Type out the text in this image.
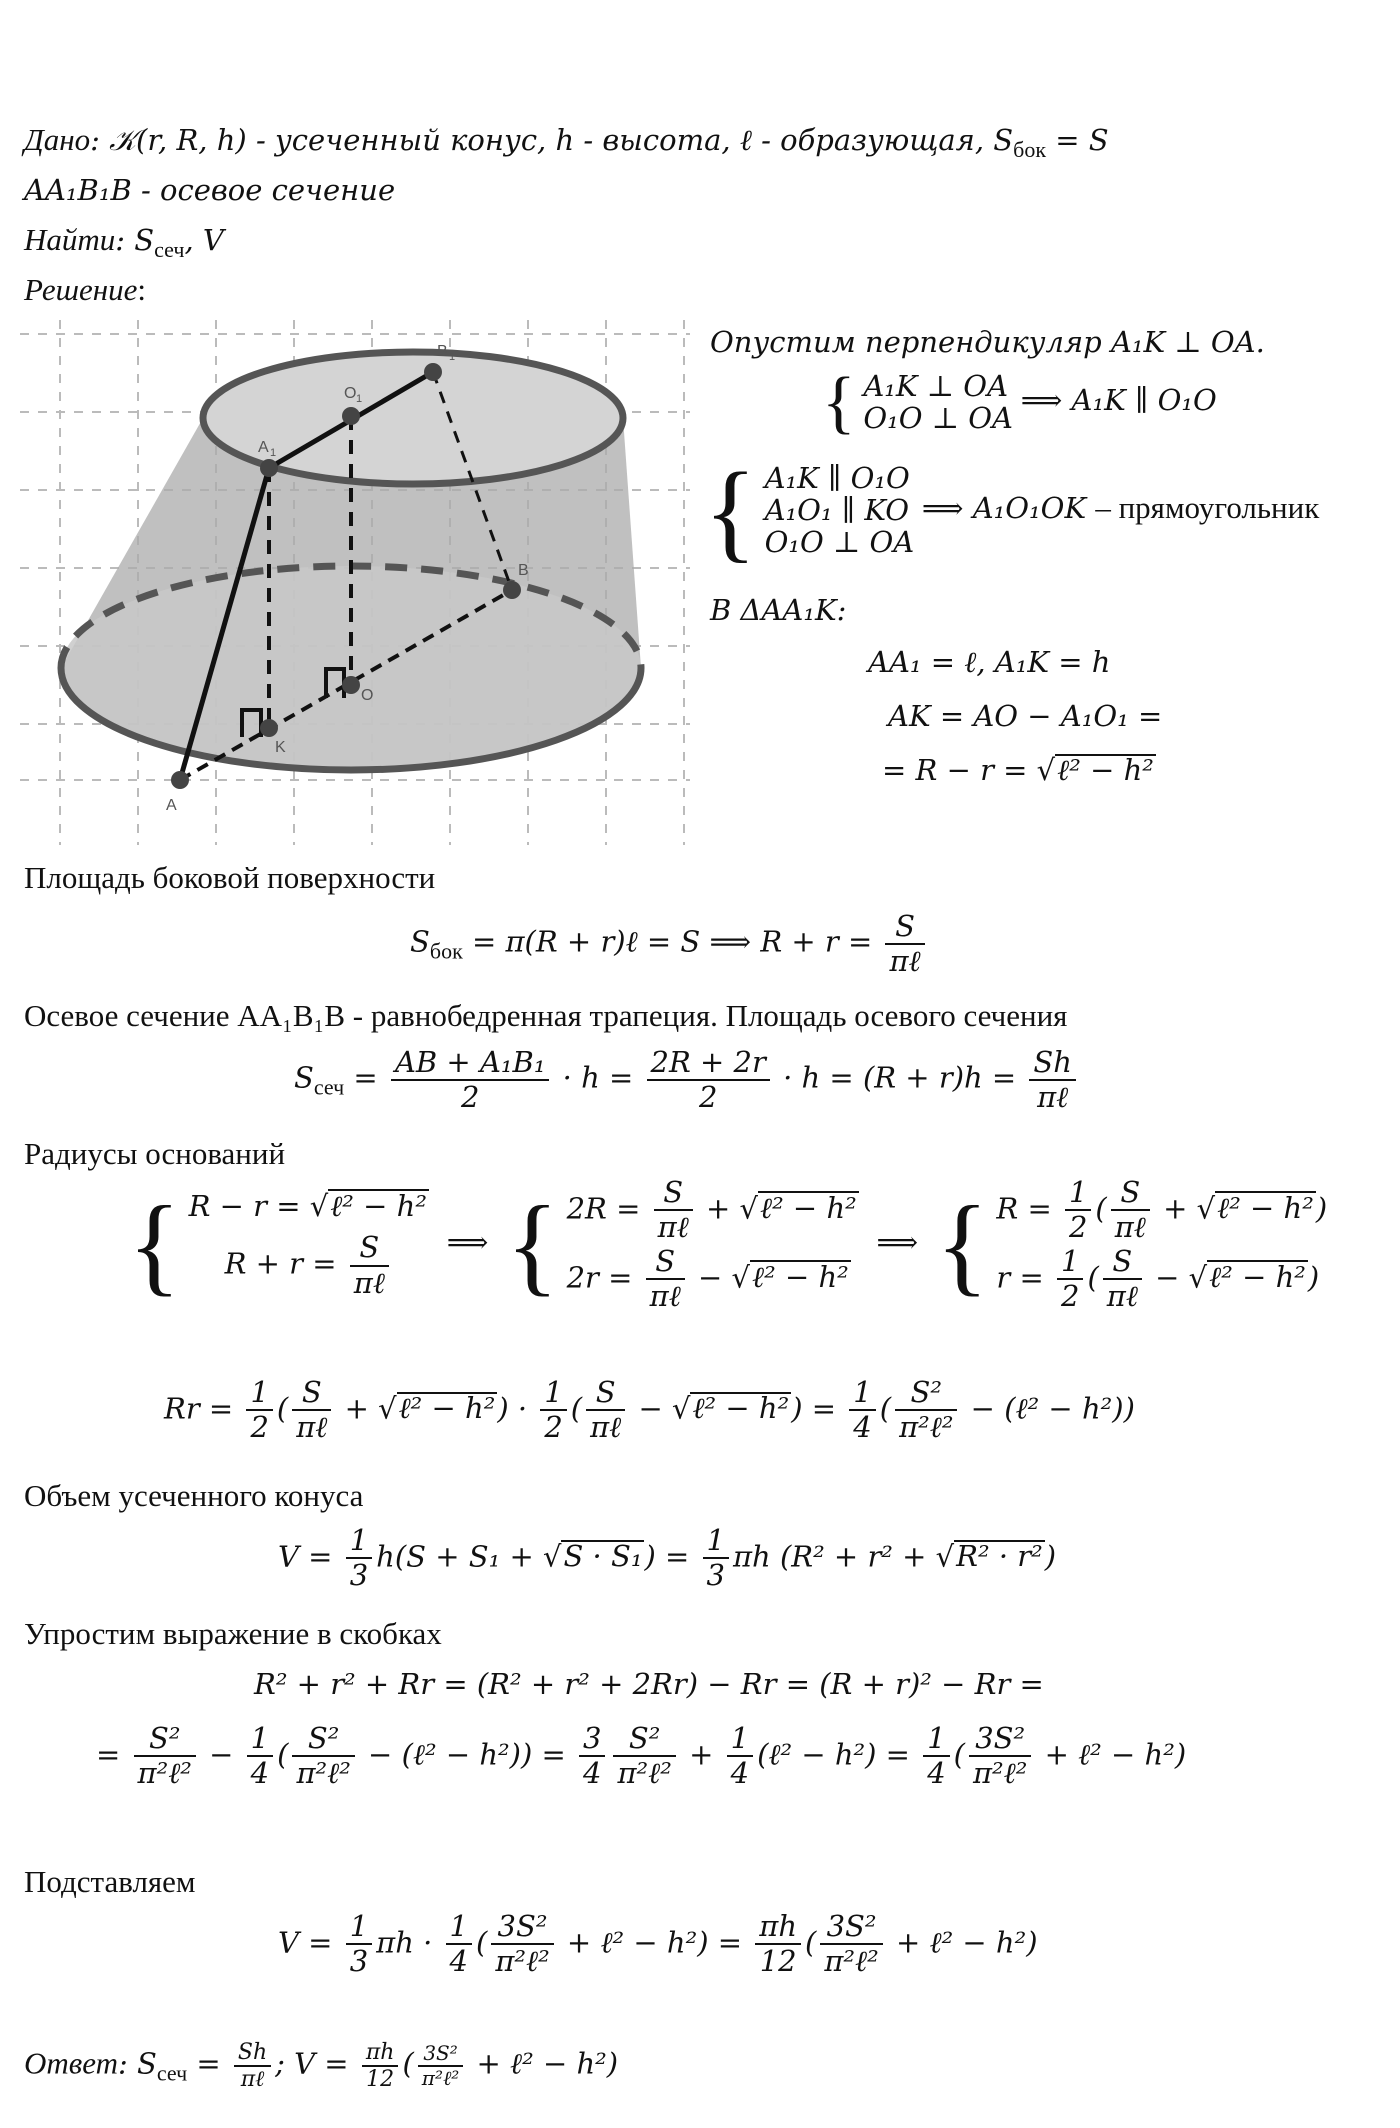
Дано: 𝒦(r, R, h) - усеченный конус, h - высота, ℓ - образующая, $S_{бок} = S$
AA₁B₁B - осевое сечение
Найти: $S_{сеч}$, V
Решение:
A
A 1
B
B 1
O
O 1
K
Опустим перпендикуляр A₁K ⊥ OA.
{ A₁K ⊥ OA
O₁O ⊥ OA
⟹ A₁K ∥ O₁O
{ A₁K ∥ O₁O
A₁O₁ ∥ KO
O₁O ⊥ OA
⟹ A₁O₁OK – прямоугольник
В ΔAA₁K:
AA₁ = ℓ, A₁K = h
AK = AO − A₁O₁ =
= R − r = √ℓ² − h²
Площадь боковой поверхности
$S_{бок} = \pi(R$ + r)ℓ = S ⟹ $R + r = \frac{S}{\text{πℓ}}$
Осевое сечение AA₁B₁B - равнобедренная трапеция. Площадь осевого сечения
$S_{сеч} = \frac{\text{AB + A₁B₁}}{2} \cdot h = \frac{2R + 2r}{2} \cdot h = (R + r)h = \frac{Sh}{\text{πℓ}}$
Радиусы оснований
{ R − r = √ℓ² − h²
$R + r = \frac{S}{\text{πℓ}}$ ⟹ { $2R = \frac{S}{\text{πℓ}}$ + √ℓ² − h²
$2r = \frac{S}{\text{πℓ}}$ − √ℓ² − h²
⟹ { $R = \frac{1}{2}$ ( $\frac{S}{\text{πℓ}}$ + √ℓ² − h²)
$r = \frac{1}{2}$ ( $\frac{S}{\text{πℓ}}$ − √ℓ² − h²)
$Rr = \frac{1}{2}$ ( $\frac{S}{\text{πℓ}}$ + √ℓ² − $h^2) \cdot \frac{1}{2}$ ( $\frac{S}{\text{πℓ}}$ − √ℓ² − $h^2) = \frac{1}{4}$ ( $\frac{\text{S²}}{\text{π²ℓ²}}$ − (ℓ² − h²))
Объем усеченного конуса
$V = \frac{1}{3} h(S + S_1 + √S \cdot S_1) = \frac{1}{3}$ πh (R² + r² + √R² · r²)
Упростим выражение в скобках
R² + r² + Rr = (R² + r² + 2Rr) − Rr = (R + r)² − Rr =
= $\frac{\text{S²}}{\text{π²ℓ²}} - \frac{1}{4}$ ( $\frac{\text{S²}}{\text{π²ℓ²}}$ − (ℓ² − $h^2)) = \frac{3}{4} \frac{\text{S²}}{\text{π²ℓ²}} + \frac{1}{4}$ (ℓ² − $h^2) = \frac{1}{4}$ ( $\frac{\text{3S²}}{\text{π²ℓ²}}$ + ℓ² − h²)
Подставляем
$V = \frac{1}{3}$ $\pi h \cdot \frac{1}{4}$ ( $\frac{\text{3S²}}{\text{π²ℓ²}}$ + ℓ² − $h^2) = \frac{\pi h}{12}$ ( $\frac{\text{3S²}}{\text{π²ℓ²}}$ + ℓ² − h²)
Ответ: $S_{сеч} = \frac{Sh}{\text{πℓ}}$ ; $V = \frac{\pi h}{12}$ ( $\frac{\text{3S²}}{\text{π²ℓ²}}$ + ℓ² − h²)
